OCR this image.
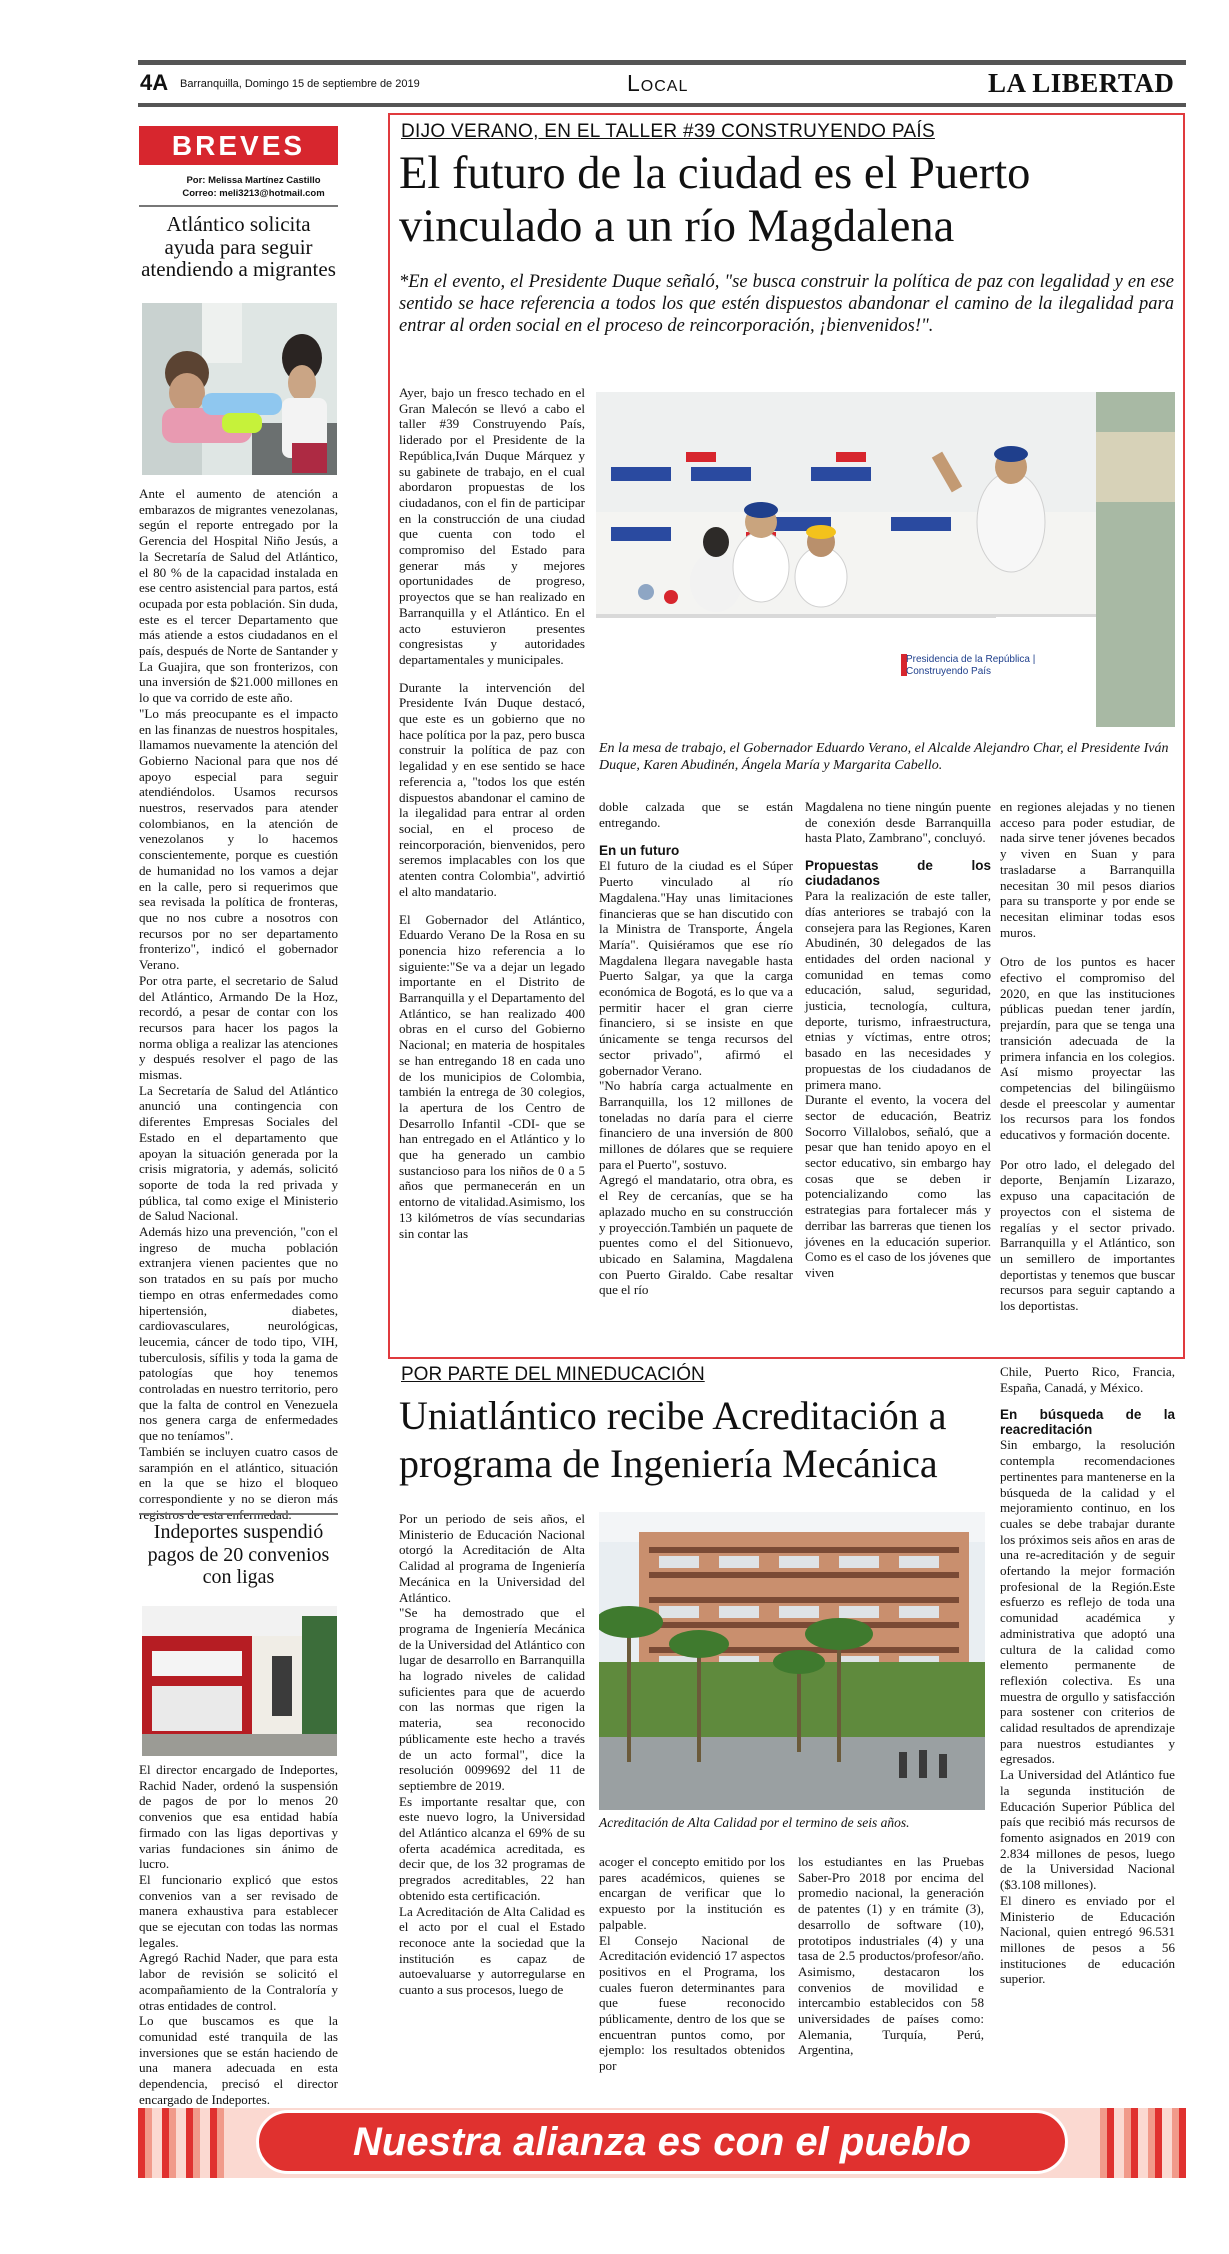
4A Barranquilla, Domingo 15 de septiembre de 2019	Local	LA LIBERTAD
BREVES
Por: Melissa Martínez Castillo
Correo: meli3213@hotmail.com
Atlántico solicita ayuda para seguir atendiendo a migrantes

Ante el aumento de atención a embarazos de migrantes venezolanas, según el reporte entregado por la Gerencia del Hospital Niño Jesús, a la Secretaría de Salud del Atlántico, el 80 % de la capacidad instalada en ese centro asistencial para partos, está ocupada por esta población. Sin duda, este es el tercer Departamento que más atiende a estos ciudadanos en el país, después de Norte de Santander y La Guajira, que son fronterizos, con una inversión de $21.000 millones en lo que va corrido de este año.

"Lo más preocupante es el impacto en las finanzas de nuestros hospitales, llamamos nuevamente la atención del Gobierno Nacional para que nos dé apoyo especial para seguir atendiéndolos. Usamos recursos nuestros, reservados para atender colombianos, en la atención de venezolanos y lo hacemos conscientemente, porque es cuestión de humanidad no los vamos a dejar en la calle, pero si requerimos que sea revisada la política de fronteras, que no nos cubre a nosotros con recursos por no ser departamento fronterizo", indicó el gobernador Verano.

Por otra parte, el secretario de Salud del Atlántico, Armando De la Hoz, recordó, a pesar de contar con los recursos para hacer los pagos la norma obliga a realizar las atenciones y después resolver el pago de las mismas.

La Secretaría de Salud del Atlántico anunció una contingencia con diferentes Empresas Sociales del Estado en el departamento que apoyan la situación generada por la crisis migratoria, y además, solicitó soporte de toda la red privada y pública, tal como exige el Ministerio de Salud Nacional.

Además hizo una prevención, "con el ingreso de mucha población extranjera vienen pacientes que no son tratados en su país por mucho tiempo en otras enfermedades como hipertensión, diabetes, cardiovasculares, neurológicas, leucemia, cáncer de todo tipo, VIH, tuberculosis, sífilis y toda la gama de patologías que hoy tenemos controladas en nuestro territorio, pero que la falta de control en Venezuela nos genera carga de enfermedades que no teníamos".

También se incluyen cuatro casos de sarampión en el atlántico, situación en la que se hizo el bloqueo correspondiente y no se dieron más

Indeportes suspendió pagos de 20 convenios con ligas

El director encargado de Indeportes, Rachid Nader, ordenó la suspensión de pagos de por lo menos 20 convenios que esa entidad había firmado con las ligas deportivas y varias fundaciones sin ánimo de lucro.

El funcionario explicó que estos convenios van a ser revisado de manera exhaustiva para establecer que se ejecutan con todas las normas legales.

Agregó Rachid Nader, que para esta labor de revisión se solicitó el acompañamiento de la Contraloría y otras entidades de control.

Lo que buscamos es que la comunidad esté tranquila de las inversiones que se están haciendo de una manera adecuada en esta dependencia, precisó el director encargado de Indeportes.

DIJO VERANO, EN EL TALLER #39 CONSTRUYENDO PAÍS
El futuro de la ciudad es el Puerto vinculado a un río Magdalena
*En el evento, el Presidente Duque señaló, "se busca construir la política de paz con legalidad y en ese sentido se hace referencia a todos los que estén dispuestos abandonar el camino de la ilegalidad para entrar al orden social en el proceso de reincorporación, ¡bienvenidos!".
Presidencia de la República | Construyendo País
En la mesa de trabajo, el Gobernador Eduardo Verano, el Alcalde Alejandro Char, el Presidente Iván Duque, Karen Abudinén, Ángela María y Margarita Cabello.

Ayer, bajo un fresco techado en el Gran Malecón se llevó a cabo el taller #39 Construyendo País, liderado por el Presidente de la República,Iván Duque Márquez y su gabinete de trabajo, en el cual abordaron propuestas de los ciudadanos, con el fin de participar en la construcción de una ciudad que cuenta con todo el compromiso del Estado para generar más y mejores oportunidades de progreso, proyectos que se han realizado en Barranquilla y el Atlántico. En el acto estuvieron presentes congresistas y autoridades departamentales y municipales.

Durante la intervención del Presidente Iván Duque destacó, que este es un gobierno que no hace política por la paz, pero busca construir la política de paz con legalidad y en ese sentido se hace referencia a, "todos los que estén dispuestos abandonar el camino de la ilegalidad para entrar al orden social, en el proceso de reincorporación, bienvenidos, pero seremos implacables con los que atenten contra Colombia", advirtió el alto mandatario.

El Gobernador del Atlántico, Eduardo Verano De la Rosa en su ponencia hizo referencia a lo siguiente:"Se va a dejar un legado importante en el Distrito de Barranquilla y el Departamento del Atlántico, se han realizado 400 obras en el curso del Gobierno Nacional; en materia de hospitales se han entregando 18 en cada uno de los municipios de Colombia, también la entrega de 30 colegios, la apertura de los Centro de Desarrollo Infantil -CDI- que se han entregado en el Atlántico y lo que ha generado un cambio sustancioso para los niños de 0 a 5 años que permanecerán en un entorno de vitalidad.Asimismo, los 13 kilómetros de vías secundarias sin contar las

doble calzada que se están entregando.

En un futuro

El futuro de la ciudad es el Súper Puerto vinculado al río Magdalena."Hay unas limitaciones financieras que se han discutido con la Ministra de Transporte, Ángela María". Quisiéramos que ese río Magdalena llegara navegable hasta Puerto Salgar, ya que la carga económica de Bogotá, es lo que va a permitir hacer el gran cierre financiero, si se insiste en que únicamente se tenga recursos del sector privado", afirmó el gobernador Verano.

"No habría carga actualmente en Barranquilla, los 12 millones de toneladas no daría para el cierre financiero de una inversión de 800 millones de dólares que se requiere para el Puerto", sostuvo.

Agregó el mandatario, otra obra, es el Rey de cercanías, que se ha aplazado mucho en su construcción y proyección.También un paquete de puentes como el del Sitionuevo, ubicado en Salamina, Magdalena con Puerto Giraldo. Cabe resaltar que el río

Magdalena no tiene ningún puente de conexión desde Barranquilla hasta Plato, Zambrano", concluyó.

Propuestas de los ciudadanos

Para la realización de este taller, días anteriores se trabajó con la consejera para las Regiones, Karen Abudinén, 30 delegados de las entidades del orden nacional y comunidad en temas como educación, salud, seguridad, justicia, tecnología, cultura, deporte, turismo, infraestructura, etnias y víctimas, entre otros; basado en las necesidades y propuestas de los ciudadanos de primera mano.

Durante el evento, la vocera del sector de educación, Beatriz Socorro Villalobos, señaló, que a pesar que han tenido apoyo en el sector educativo, sin embargo hay cosas que se deben ir potencializando como las estrategias para fortalecer más y derribar las barreras que tienen los jóvenes en la educación superior. Como es el caso de los jóvenes que viven

en regiones alejadas y no tienen acceso para poder estudiar, de nada sirve tener jóvenes becados y viven en Suan y para trasladarse a Barranquilla necesitan 30 mil pesos diarios para su transporte y por ende se necesitan eliminar todas esos muros.

Otro de los puntos es hacer efectivo el compromiso del 2020, en que las instituciones públicas puedan tener jardín, prejardín, para que se tenga una transición adecuada de la primera infancia en los colegios. Así mismo proyectar las competencias del bilingüismo desde el preescolar y aumentar los recursos para los fondos educativos y formación docente.

Por otro lado, el delegado del deporte, Benjamín Lizarazo, expuso una capacitación de proyectos con el sistema de regalías y el sector privado. Barranquilla y el Atlántico, son un semillero de importantes deportistas y tenemos que buscar recursos para seguir captando a los deportistas.

POR PARTE DEL MINEDUCACIÓN
Uniatlántico recibe Acreditación a programa de Ingeniería Mecánica
Acreditación de Alta Calidad por el termino de seis años.

Por un periodo de seis años, el Ministerio de Educación Nacional otorgó la Acreditación de Alta Calidad al programa de Ingeniería Mecánica en la Universidad del Atlántico.

"Se ha demostrado que el programa de Ingeniería Mecánica de la Universidad del Atlántico con lugar de desarrollo en Barranquilla ha logrado niveles de calidad suficientes para que de acuerdo con las normas que rigen la materia, sea reconocido públicamente este hecho a través de un acto formal", dice la resolución 0099692 del 11 de septiembre de 2019.

Es importante resaltar que, con este nuevo logro, la Universidad del Atlántico alcanza el 69% de su oferta académica acreditada, es decir que, de los 32 programas de pregrados acreditables, 22 han obtenido esta certificación.

La Acreditación de Alta Calidad es el acto por el cual el Estado reconoce ante la sociedad que la institución es capaz de autoevaluarse y autorregularse en cuanto a sus procesos, luego de

acoger el concepto emitido por los pares académicos, quienes se encargan de verificar que lo expuesto por la institución es palpable.

El Consejo Nacional de Acreditación evidenció 17 aspectos positivos en el Programa, los cuales fueron determinantes para que fuese reconocido públicamente, dentro de los que se encuentran puntos como, por ejemplo: los resultados obtenidos por

los estudiantes en las Pruebas Saber-Pro 2018 por encima del promedio nacional, la generación de patentes (1) y en trámite (3), desarrollo de software (10), prototipos industriales (4) y una tasa de 2.5 productos/profesor/año. Asimismo, destacaron los convenios de movilidad e intercambio establecidos con 58 universidades de países como: Alemania, Turquía, Perú, Argentina,

Chile, Puerto Rico, Francia, España, Canadá, y México.

En búsqueda de la reacreditación

Sin embargo, la resolución contempla recomendaciones pertinentes para mantenerse en la búsqueda de la calidad y el mejoramiento continuo, en los cuales se debe trabajar durante los próximos seis años en aras de una re-acreditación y de seguir ofertando la mejor formación profesional de la Región.Este esfuerzo es reflejo de toda una comunidad académica y administrativa que adoptó una cultura de la calidad como elemento permanente de reflexión colectiva. Es una muestra de orgullo y satisfacción para sostener con criterios de calidad resultados de aprendizaje para nuestros estudiantes y egresados.

La Universidad del Atlántico fue la segunda institución de Educación Superior Pública del país que recibió más recursos de fomento asignados en 2019 con 2.834 millones de pesos, luego de la Universidad Nacional ($3.108 millones).

El dinero es enviado por el Ministerio de Educación Nacional, quien entregó 96.531 millones de pesos a 56 instituciones de educación superior.

Nuestra alianza es con el pueblo
